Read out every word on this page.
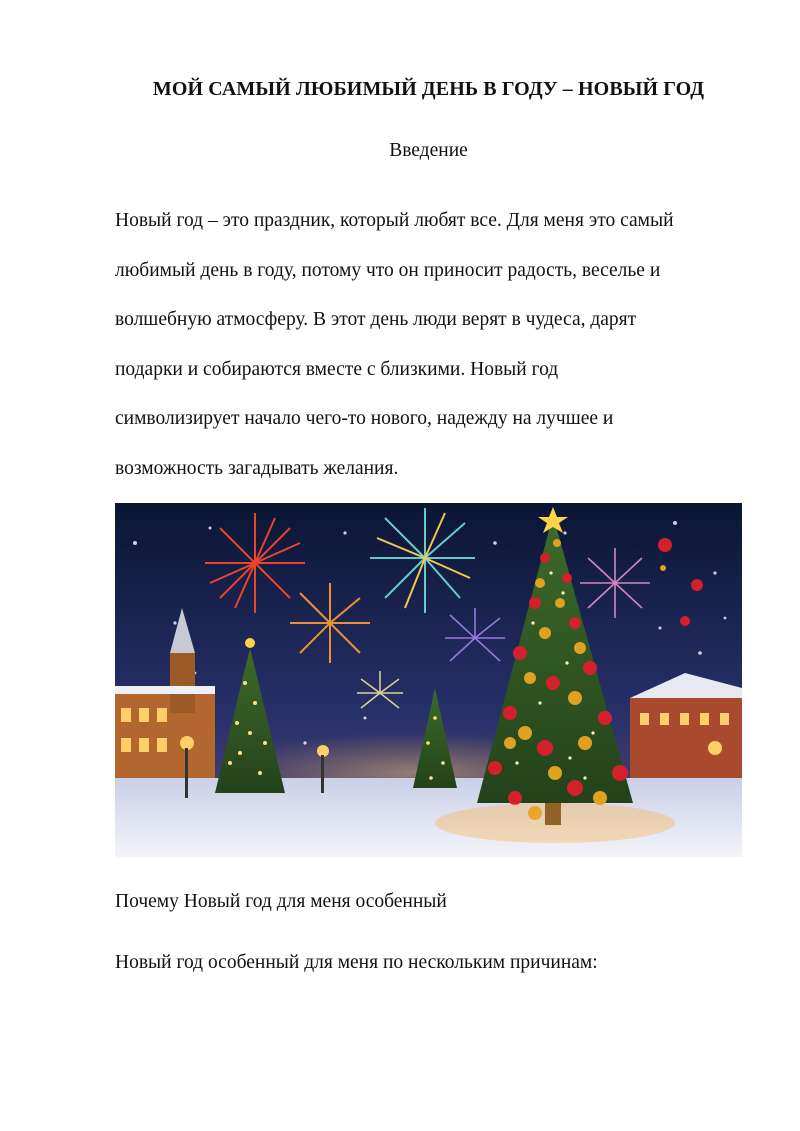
МОЙ САМЫЙ ЛЮБИМЫЙ ДЕНЬ В ГОДУ – НОВЫЙ ГОД
Введение

Новый год – это праздник, который любят все. Для меня это самый
любимый день в году, потому что он приносит радость, веселье и
волшебную атмосферу. В этот день люди верят в чудеса, дарят
подарки и собираются вместе с близкими. Новый год
символизирует начало чего-то нового, надежду на лучшее и
возможность загадывать желания.

Почему Новый год для меня особенный
Новый год особенный для меня по нескольким причинам:
